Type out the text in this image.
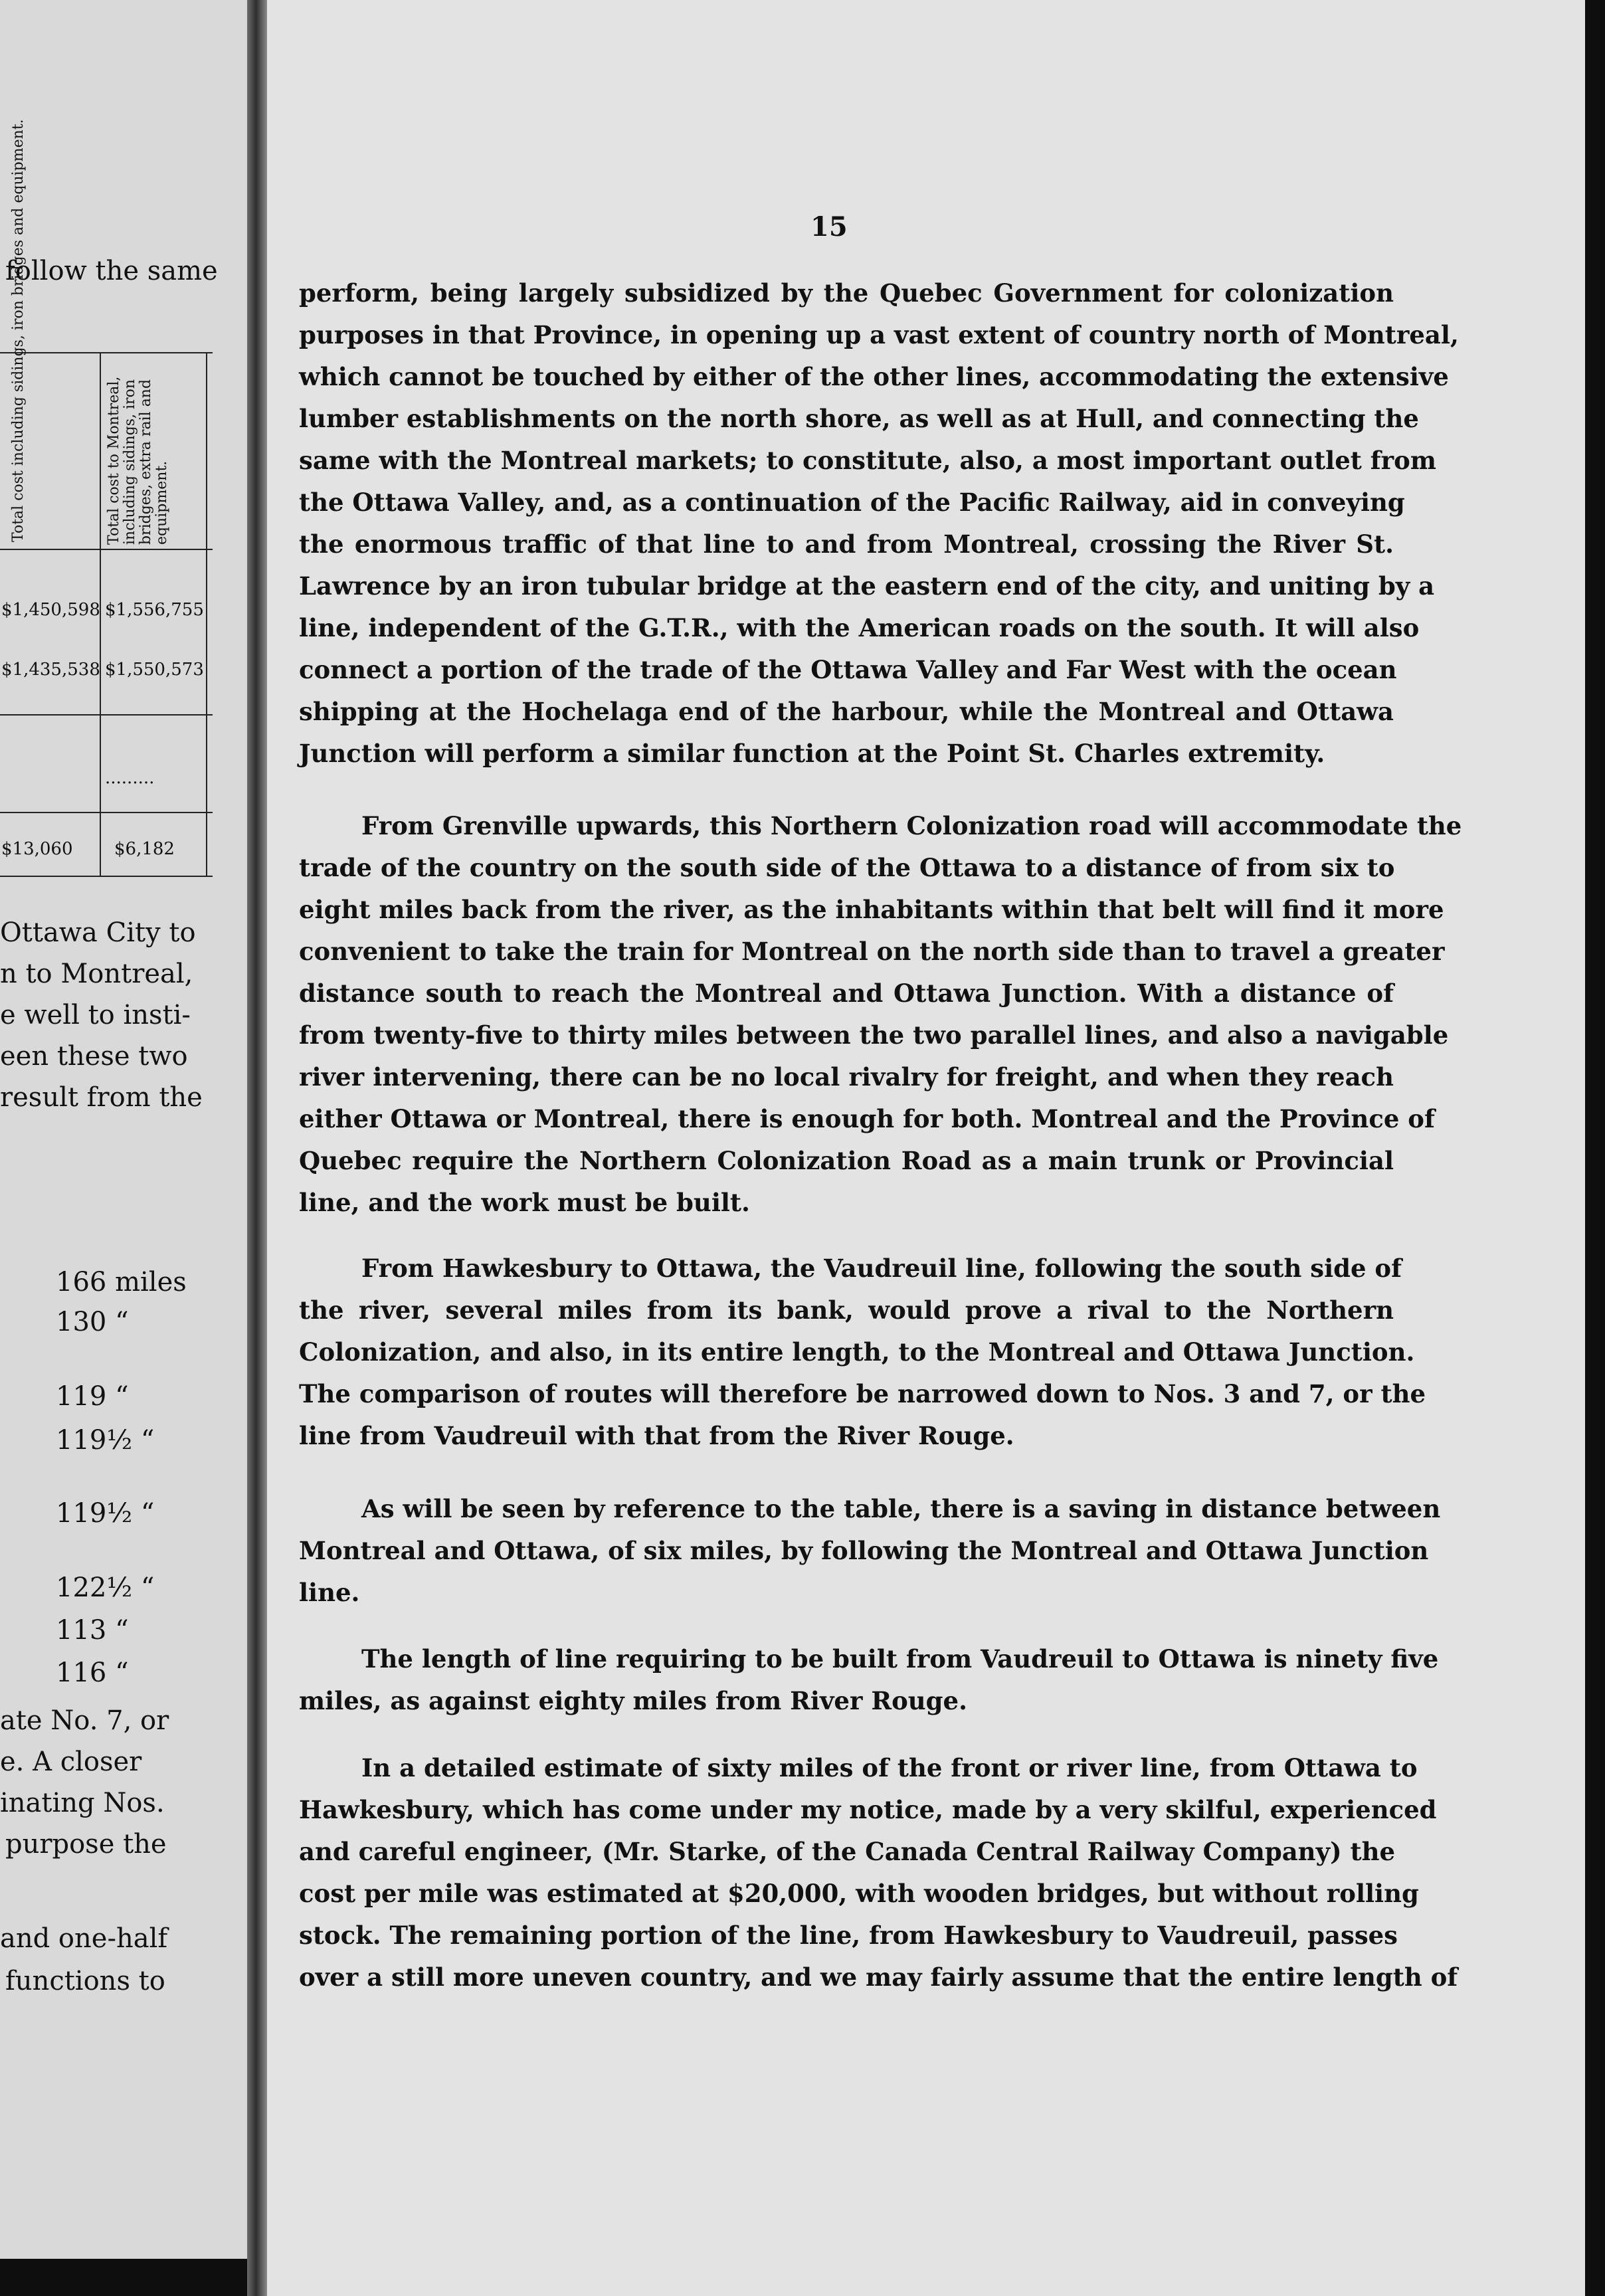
follow the same
Total cost including sidings, iron bridges and equipment.	Total cost to Montreal, including sidings, iron bridges, extra rail and equipment.
$1,450,598 $1,556,755
$1,435,538 $1,550,573
.........
$13,060 $6,182
Ottawa City to
n to Montreal,
e well to insti-
een these two
result from the
166 miles
130 “
119 “
119½ “
119½ “
122½ “
113 “
116 “
ate No. 7, or
e. A closer
inating Nos.
purpose the
and one-half
functions to
15
perform, being largely subsidized by the Quebec Government for colonization
purposes in that Province, in opening up a vast extent of country north of Montreal,
which cannot be touched by either of the other lines, accommodating the extensive
lumber establishments on the north shore, as well as at Hull, and connecting the
same with the Montreal markets; to constitute, also, a most important outlet from
the Ottawa Valley, and, as a continuation of the Pacific Railway, aid in conveying
the enormous traffic of that line to and from Montreal, crossing the River St.
Lawrence by an iron tubular bridge at the eastern end of the city, and uniting by a
line, independent of the G.T.R., with the American roads on the south. It will also
connect a portion of the trade of the Ottawa Valley and Far West with the ocean
shipping at the Hochelaga end of the harbour, while the Montreal and Ottawa
Junction will perform a similar function at the Point St. Charles extremity.
From Grenville upwards, this Northern Colonization road will accommodate the
trade of the country on the south side of the Ottawa to a distance of from six to
eight miles back from the river, as the inhabitants within that belt will find it more
convenient to take the train for Montreal on the north side than to travel a greater
distance south to reach the Montreal and Ottawa Junction. With a distance of
from twenty-five to thirty miles between the two parallel lines, and also a navigable
river intervening, there can be no local rivalry for freight, and when they reach
either Ottawa or Montreal, there is enough for both. Montreal and the Province of
Quebec require the Northern Colonization Road as a main trunk or Provincial
line, and the work must be built.
From Hawkesbury to Ottawa, the Vaudreuil line, following the south side of
the river, several miles from its bank, would prove a rival to the Northern
Colonization, and also, in its entire length, to the Montreal and Ottawa Junction.
The comparison of routes will therefore be narrowed down to Nos. 3 and 7, or the
line from Vaudreuil with that from the River Rouge.
As will be seen by reference to the table, there is a saving in distance between
Montreal and Ottawa, of six miles, by following the Montreal and Ottawa Junction
line.
The length of line requiring to be built from Vaudreuil to Ottawa is ninety five
miles, as against eighty miles from River Rouge.
In a detailed estimate of sixty miles of the front or river line, from Ottawa to
Hawkesbury, which has come under my notice, made by a very skilful, experienced
and careful engineer, (Mr. Starke, of the Canada Central Railway Company) the
cost per mile was estimated at $20,000, with wooden bridges, but without rolling
stock. The remaining portion of the line, from Hawkesbury to Vaudreuil, passes
over a still more uneven country, and we may fairly assume that the entire length of
